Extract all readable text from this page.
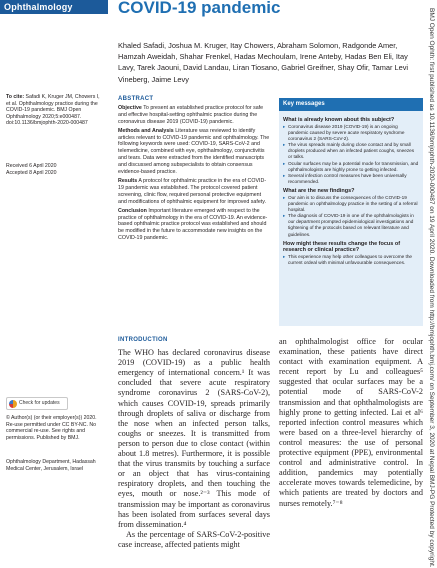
Ophthalmology	COVID-19 pandemic
Khaled Safadi, Joshua M. Kruger, Itay Chowers, Abraham Solomon, Radgonde Amer, Hamzah Aweidah, Shahar Frenkel, Hadas Mechoulam, Irene Anteby, Hadas Ben Eli, Itay Lavy, Tarek Jaouni, David Landau, Liran Tiosano, Gabriel Greifner, Shay Ofir, Tamar Levi Vineberg, Jaime Levy
To cite: Safadi K, Kruger JM, Chowers I, et al. Ophthalmology practice during the COVID-19 pandemic. BMJ Open Ophthalmology 2020;5:e000487. doi:10.1136/bmjophth-2020-000487
Received 6 April 2020
Accepted 8 April 2020
Check for updates
© Author(s) (or their employer(s)) 2020. Re-use permitted under CC BY-NC. No commercial re-use. See rights and permissions. Published by BMJ.
Ophthalmology Department, Hadassah Medical Center, Jerusalem, Israel
ABSTRACT

Objective To present an established practice protocol for safe and effective hospital-setting ophthalmic practice during the coronavirus disease 2019 (COVID-19) pandemic.

Methods and Analysis Literature was reviewed to identify articles relevant to COVID-19 pandemic and ophthalmology. The following keywords were used: COVID-19, SARS-CoV-2 and telemedicine, combined with eye, ophthalmology, conjunctivitis and tears. Data were extracted from the identified manuscripts and discussed among subspecialists to obtain consensus evidence-based practice.

Results A protocol for ophthalmic practice in the era of COVID-19 pandemic was established. The protocol covered patient screening, clinic flow, required personal protective equipment and modifications of ophthalmic equipment for improved safety.

Conclusion Important literature emerged with respect to the practice of ophthalmology in the era of COVID-19. An evidence-based ophthalmic practice protocol was established and should be modified in the future to accommodate new insights on the COVID-19 pandemic.

Key messages
What is already known about this subject?
▸ Coronavirus disease 2019 (COVID-19) is an ongoing pandemic caused by severe acute respiratory syndrome coronavirus 2 (SARS-CoV-2).
▸ The virus spreads mainly during close contact and by small droplets produced when an infected patient coughs, sneezes or talks.
▸ Ocular surfaces may be a potential mode for transmission, and ophthalmologists are highly prone to getting infected.
▸ Several infection control measures have been universally recommended.
What are the new findings?
▸ Our aim is to discuss the consequences of the COVID-19 pandemic on ophthalmology practice in the setting of a referral hospital.
▸ The diagnosis of COVID-19 in one of the ophthalmologists in our department prompted epidemiological investigations and tightening of the protocols based on relevant literature and guidelines.
How might these results change the focus of research or clinical practice?
▸ This experience may help other colleagues to overcome the current ordeal with minimal unfavourable consequences.
INTRODUCTION

The WHO has declared coronavirus disease 2019 (COVID-19) as a public health emergency of international concern.¹ It was concluded that severe acute respiratory syndrome coronavirus 2 (SARS-CoV-2), which causes COVID-19, spreads primarily through droplets of saliva or discharge from the nose when an infected person talks, coughs or sneezes. It is transmitted from person to person due to close contact (within about 1.8 metres). Furthermore, it is possible that the virus transmits by touching a surface or an object that has virus-containing respiratory droplets, and then touching the eyes, mouth or nose.²⁻³ This mode of transmission may be important as coronavirus has been isolated from surfaces several days from dissemination.⁴

As the percentage of SARS-CoV-2-positive case increase, affected patients might

an ophthalmologist office for ocular examination, these patients have direct contact with examination equipment. A recent report by Lu and colleagues⁵ suggested that ocular surfaces may be a potential mode of SARS-CoV-2 transmission and that ophthalmologists are highly prone to getting infected. Lai et al⁶ reported infection control measures which were based on a three-level hierarchy of control measures: the use of personal protective equipment (PPE), environmental control and administrative control. In addition, pandemics may potentially accelerate moves towards telemedicine, by which patients are treated by doctors and nurses remotely.⁷⁻⁸	BMJ Open Ophth: first published as 10.1136/bmjophth-2020-000487 on 19 April 2020. Downloaded from http://bmjophth.bmj.com/ on September 3, 2020 at Nepal BMJ-PG Protected by copyright.
